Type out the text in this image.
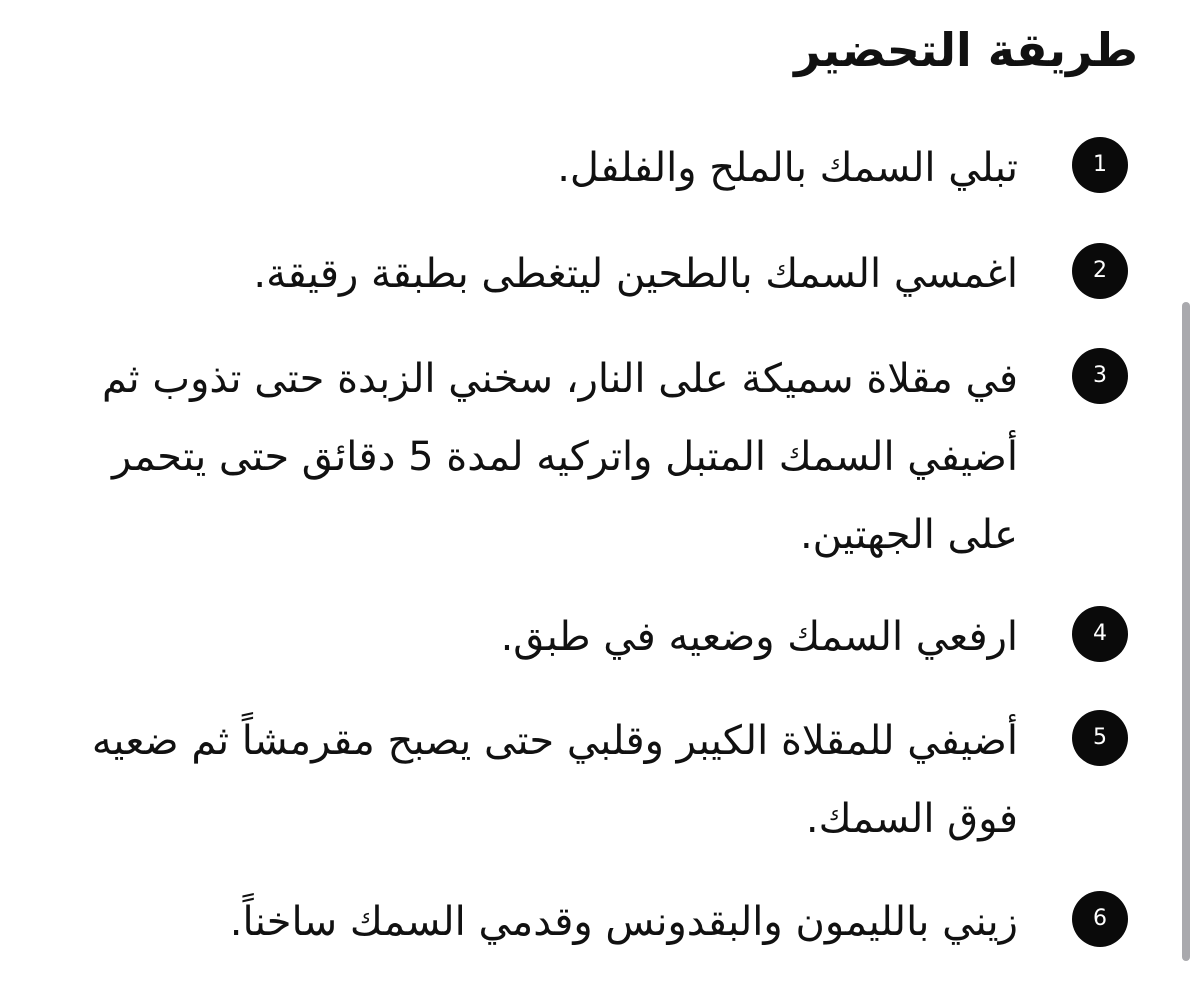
طريقة التحضير
1

تبلي السمك بالملح والفلفل.

2

اغمسي السمك بالطحين ليتغطى بطبقة رقيقة.

3

في مقلاة سميكة على النار، سخني الزبدة حتى تذوب ثم أضيفي السمك المتبل واتركيه لمدة 5 دقائق حتى يتحمر على الجهتين.

4

ارفعي السمك وضعيه في طبق.

5

أضيفي للمقلاة الكيبر وقلبي حتى يصبح مقرمشاً ثم ضعيه فوق السمك.

6

زيني بالليمون والبقدونس وقدمي السمك ساخناً.
